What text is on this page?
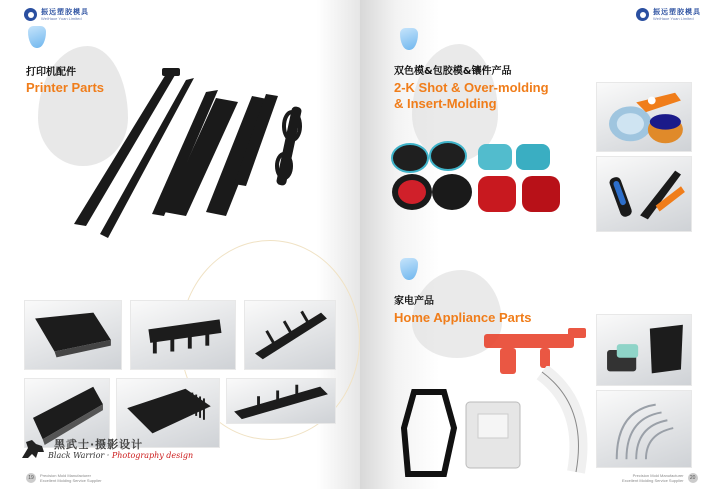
振远塑胶模具
WeiHaoe Yuan Limited
打印机配件
Printer Parts
黑武士·摄影设计
Black Warrior · Photography design
19	Precision Mold Manufacturer
Excellent Molding Service Supplier
振远塑胶模具
WeiHaoe Yuan Limited
双色模&包胶模&镶件产品
2-K Shot & Over-molding
& Insert-Molding
家电产品
Home Appliance Parts
Precision Mold Manufacturer
Excellent Molding Service Supplier	20
